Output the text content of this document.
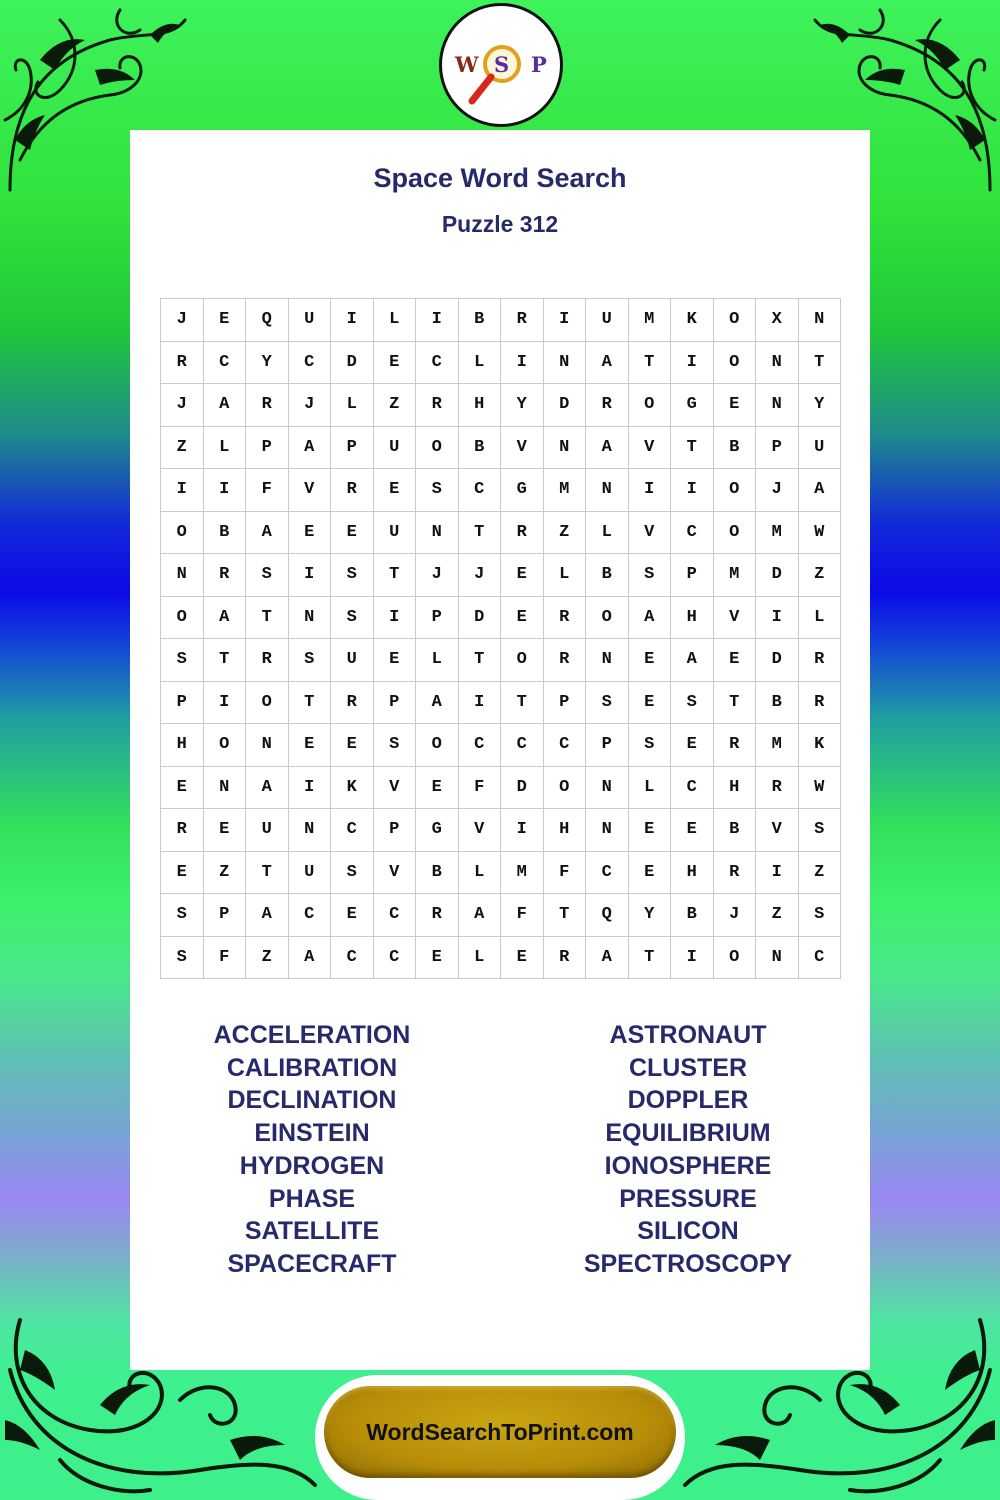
W S P
Space Word Search
Puzzle 312
J	E	Q	U	I	L	I	B	R	I	U	M	K	O	X	N
R	C	Y	C	D	E	C	L	I	N	A	T	I	O	N	T
J	A	R	J	L	Z	R	H	Y	D	R	O	G	E	N	Y
Z	L	P	A	P	U	O	B	V	N	A	V	T	B	P	U
I	I	F	V	R	E	S	C	G	M	N	I	I	O	J	A
O	B	A	E	E	U	N	T	R	Z	L	V	C	O	M	W
N	R	S	I	S	T	J	J	E	L	B	S	P	M	D	Z
O	A	T	N	S	I	P	D	E	R	O	A	H	V	I	L
S	T	R	S	U	E	L	T	O	R	N	E	A	E	D	R
P	I	O	T	R	P	A	I	T	P	S	E	S	T	B	R
H	O	N	E	E	S	O	C	C	C	P	S	E	R	M	K
E	N	A	I	K	V	E	F	D	O	N	L	C	H	R	W
R	E	U	N	C	P	G	V	I	H	N	E	E	B	V	S
E	Z	T	U	S	V	B	L	M	F	C	E	H	R	I	Z
S	P	A	C	E	C	R	A	F	T	Q	Y	B	J	Z	S
S	F	Z	A	C	C	E	L	E	R	A	T	I	O	N	C
ACCELERATION
CALIBRATION
DECLINATION
EINSTEIN
HYDROGEN
PHASE
SATELLITE
SPACECRAFT
ASTRONAUT
CLUSTER
DOPPLER
EQUILIBRIUM
IONOSPHERE
PRESSURE
SILICON
SPECTROSCOPY
WordSearchToPrint.com
